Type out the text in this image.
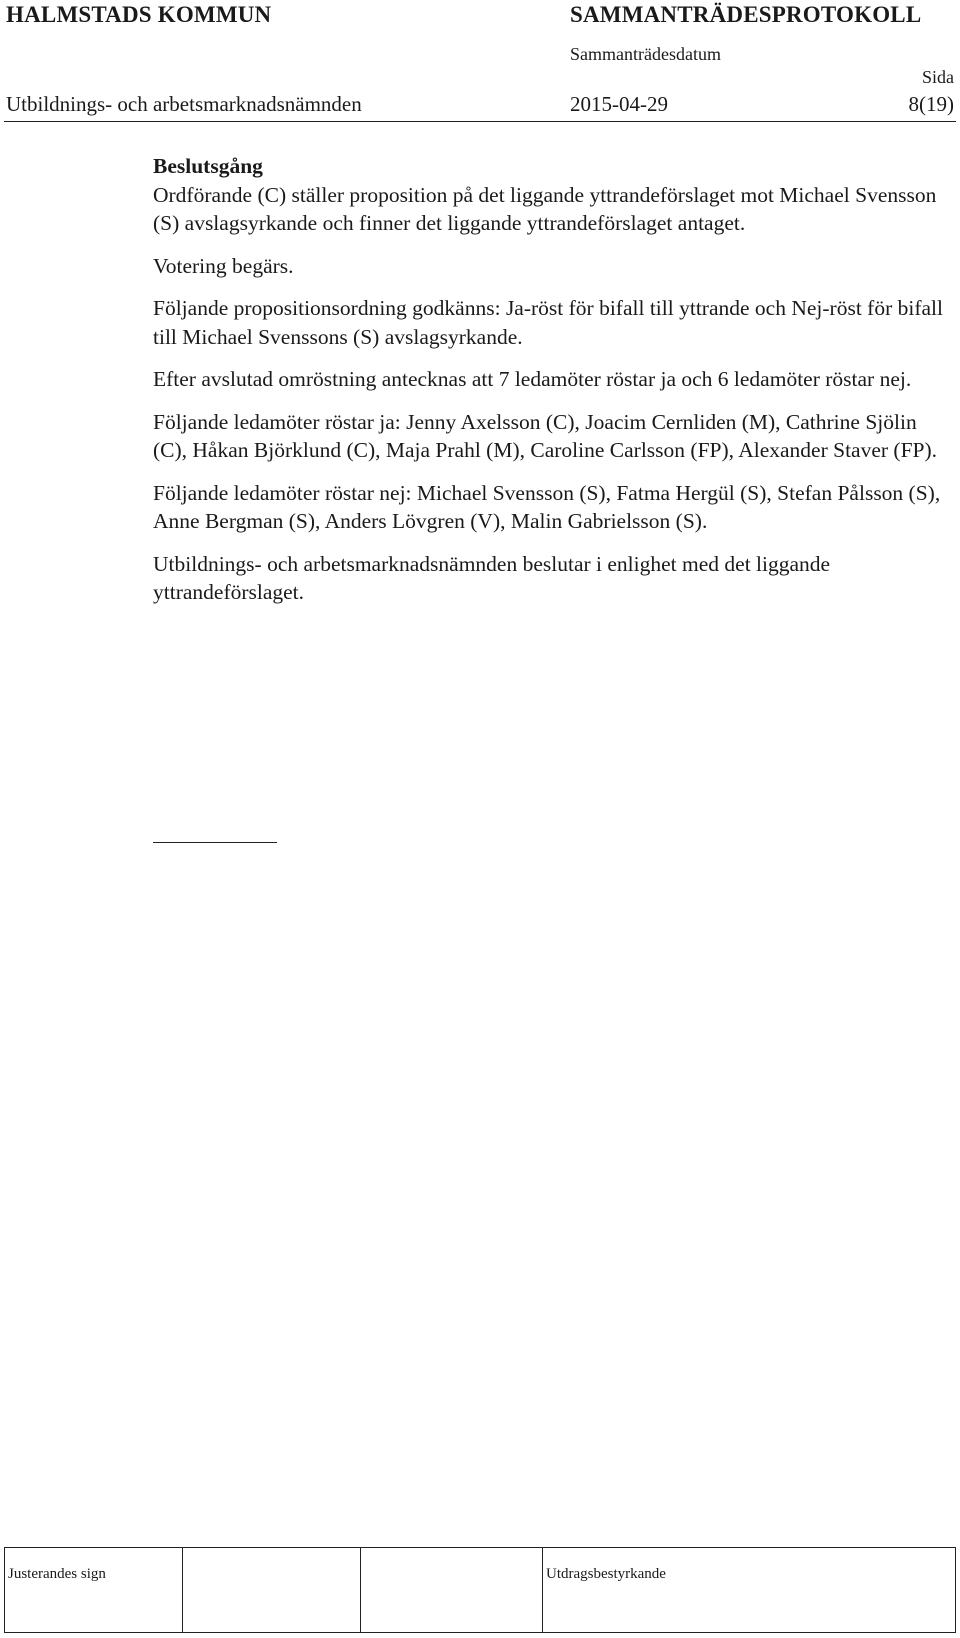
HALMSTADS KOMMUN	SAMMANTRÄDESPROTOKOLL
Sammanträdesdatum
Sida
Utbildnings- och arbetsmarknadsnämnden	2015-04-29	8(19)
Beslutsgång

Ordförande (C) ställer proposition på det liggande yttrandeförslaget mot Michael Svensson (S) avslagsyrkande och finner det liggande yttrandeförslaget antaget.

Votering begärs.

Följande propositionsordning godkänns: Ja-röst för bifall till yttrande och Nej-röst för bifall till Michael Svenssons (S) avslagsyrkande.

Efter avslutad omröstning antecknas att 7 ledamöter röstar ja och 6 ledamöter röstar nej.

Följande ledamöter röstar ja: Jenny Axelsson (C), Joacim Cernliden (M), Cathrine Sjölin (C), Håkan Björklund (C), Maja Prahl (M), Caroline Carlsson (FP), Alexander Staver (FP).

Följande ledamöter röstar nej: Michael Svensson (S), Fatma Hergül (S), Stefan Pålsson (S), Anne Bergman (S), Anders Lövgren (V), Malin Gabrielsson (S).

Utbildnings- och arbetsmarknadsnämnden beslutar i enlighet med det liggande yttrandeförslaget.

Justerandes sign	Utdragsbestyrkande
